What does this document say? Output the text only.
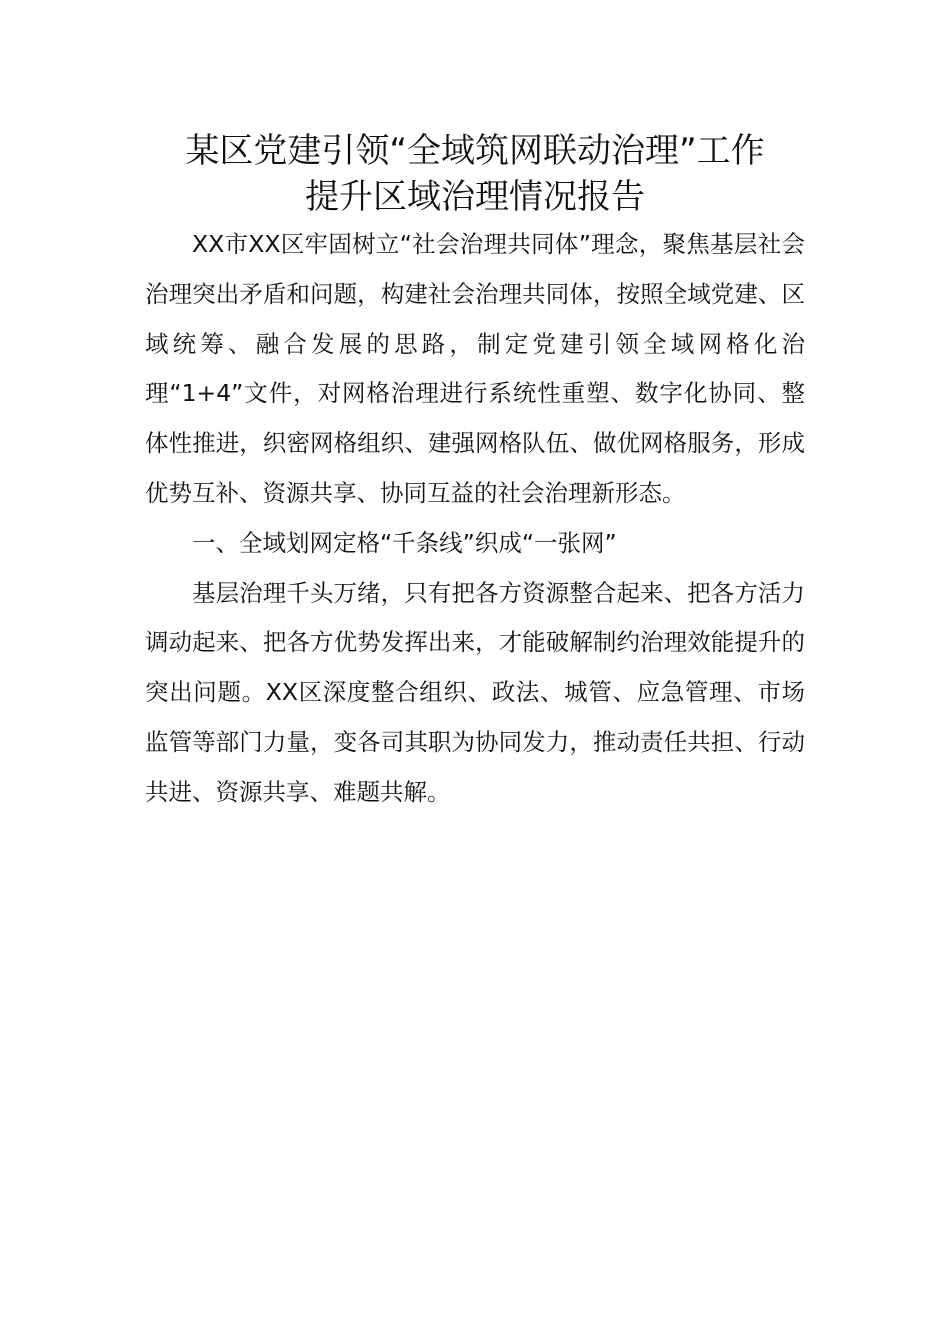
某区党建引领“全域筑网联动治理”工作
提升区域治理情况报告

XX市XX区牢固树立“社会治理共同体”理念，聚焦基层社会治理突出矛盾和问题，构建社会治理共同体，按照全域党建、区域统筹、融合发展的思路，制定党建引领全域网格化治理“1+4”文件，对网格治理进行系统性重塑、数字化协同、整体性推进，织密网格组织、建强网格队伍、做优网格服务，形成优势互补、资源共享、协同互益的社会治理新形态。

一、全域划网定格“千条线”织成“一张网”

基层治理千头万绪，只有把各方资源整合起来、把各方活力调动起来、把各方优势发挥出来，才能破解制约治理效能提升的突出问题。XX区深度整合组织、政法、城管、应急管理、市场监管等部门力量，变各司其职为协同发力，推动责任共担、行动共进、资源共享、难题共解。
